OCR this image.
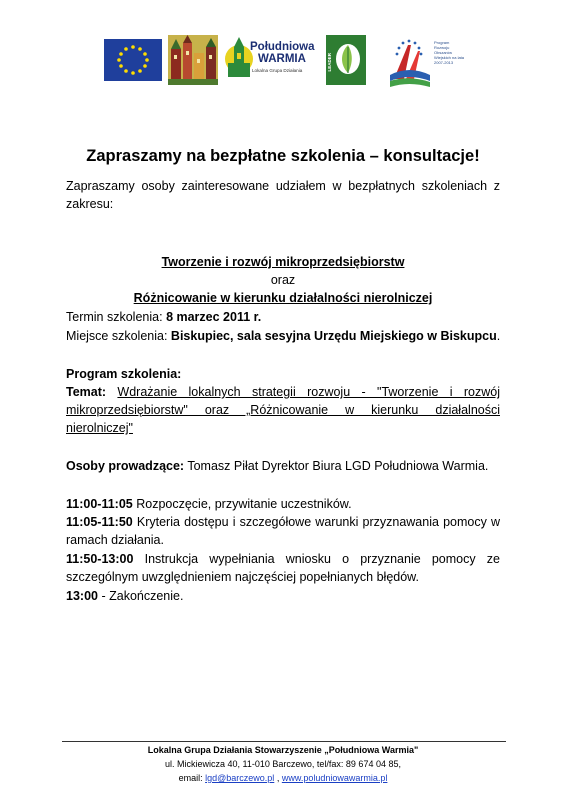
Południowa
WARMIA
Lokalna Grupa Działania	LEADER
Program Rozwoju Obszarów Wiejskich na lata 2007-2013
Zapraszamy na bezpłatne szkolenia – konsultacje!
Zapraszamy osoby zainteresowane udziałem w bezpłatnych szkoleniach z
zakresu:
Tworzenie i rozwój mikroprzedsiębiorstw
oraz
Różnicowanie w kierunku działalności nierolniczej
Termin szkolenia: 8 marzec 2011 r.
Miejsce szkolenia: Biskupiec, sala sesyjna Urzędu Miejskiego w Biskupcu.
Program szkolenia:
Temat: Wdrażanie lokalnych strategii rozwoju - "Tworzenie i rozwój
mikroprzedsiębiorstw" oraz „Różnicowanie w kierunku działalności
nierolniczej"
Osoby prowadzące: Tomasz Piłat Dyrektor Biura LGD Południowa Warmia.
11:00-11:05 Rozpoczęcie, przywitanie uczestników.
11:05-11:50 Kryteria dostępu i szczegółowe warunki przyznawania pomocy w
ramach działania.
11:50-13:00 Instrukcja wypełniania wniosku o przyznanie pomocy ze
szczególnym uwzględnieniem najczęściej popełnianych błędów.
13:00 - Zakończenie.
Lokalna Grupa Działania Stowarzyszenie „Południowa Warmia"
ul. Mickiewicza 40, 11-010 Barczewo, tel/fax: 89 674 04 85,
email: lgd@barczewo.pl , www.poludniowawarmia.pl
